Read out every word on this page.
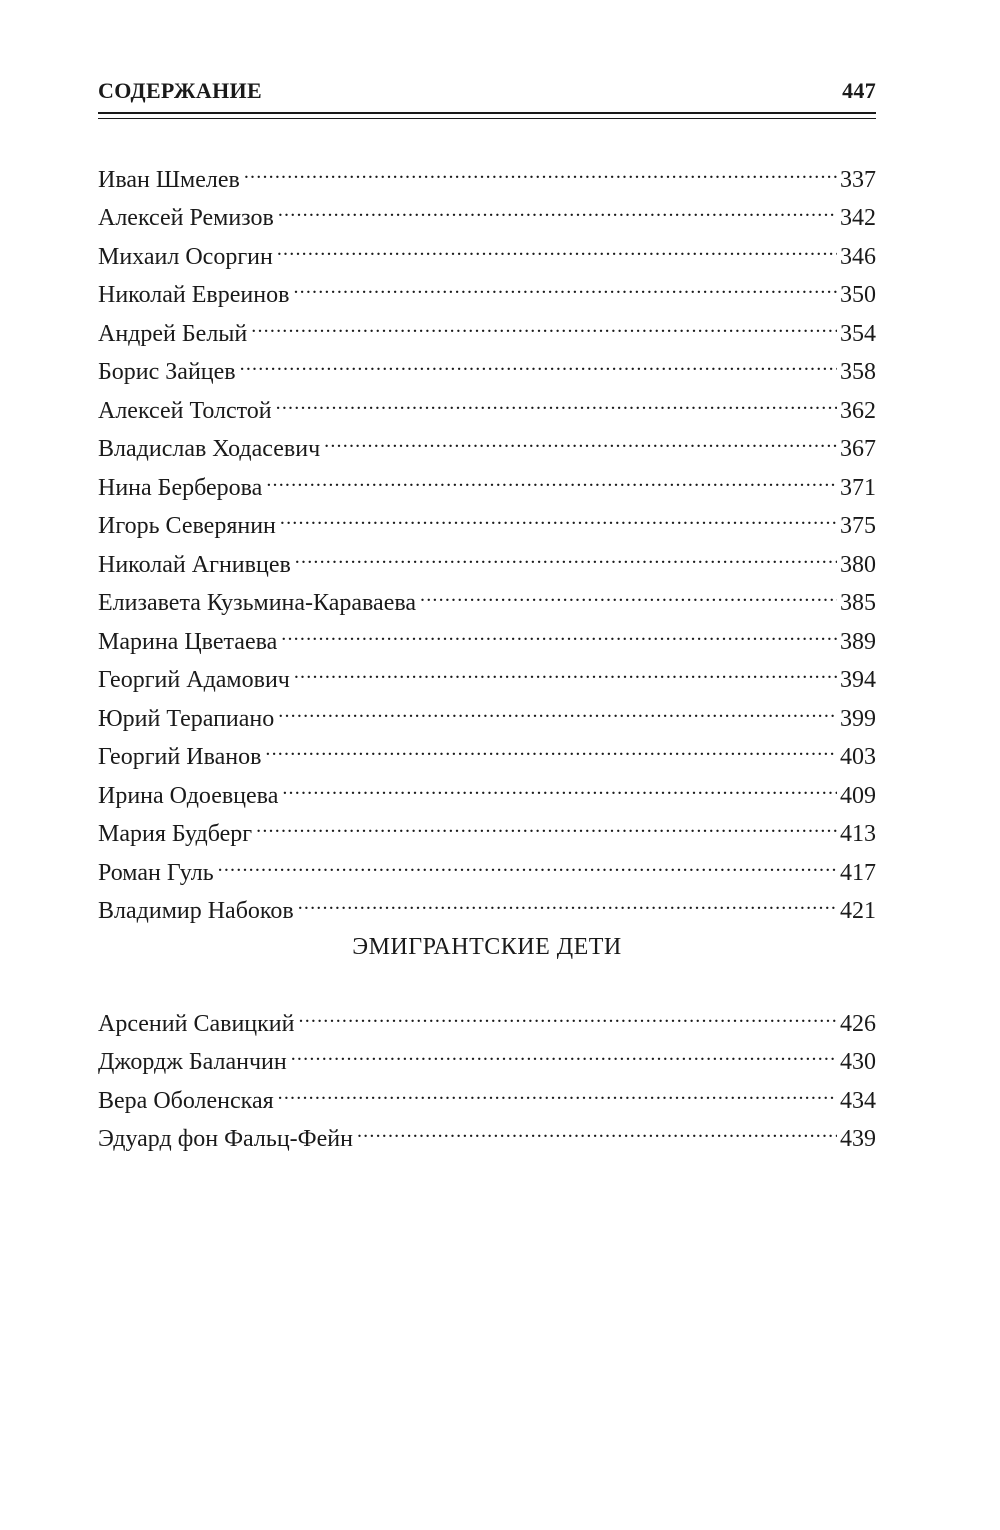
СОДЕРЖАНИЕ	447
Иван Шмелев .....	337
Алексей Ремизов .....	342
Михаил Осоргин .....	346
Николай Евреинов .....	350
Андрей Белый .....	354
Борис Зайцев .....	358
Алексей Толстой .....	362
Владислав Ходасевич .....	367
Нина Берберова .....	371
Игорь Северянин .....	375
Николай Агнивцев .....	380
Елизавета Кузьмина-Караваева .....	385
Марина Цветаева .....	389
Георгий Адамович .....	394
Юрий Терапиано .....	399
Георгий Иванов .....	403
Ирина Одоевцева .....	409
Мария Будберг .....	413
Роман Гуль .....	417
Владимир Набоков .....	421
ЭМИГРАНТСКИЕ ДЕТИ
Арсений Савицкий .....	426
Джордж Баланчин .....	430
Вера Оболенская .....	434
Эдуард фон Фальц-Фейн .....	439
